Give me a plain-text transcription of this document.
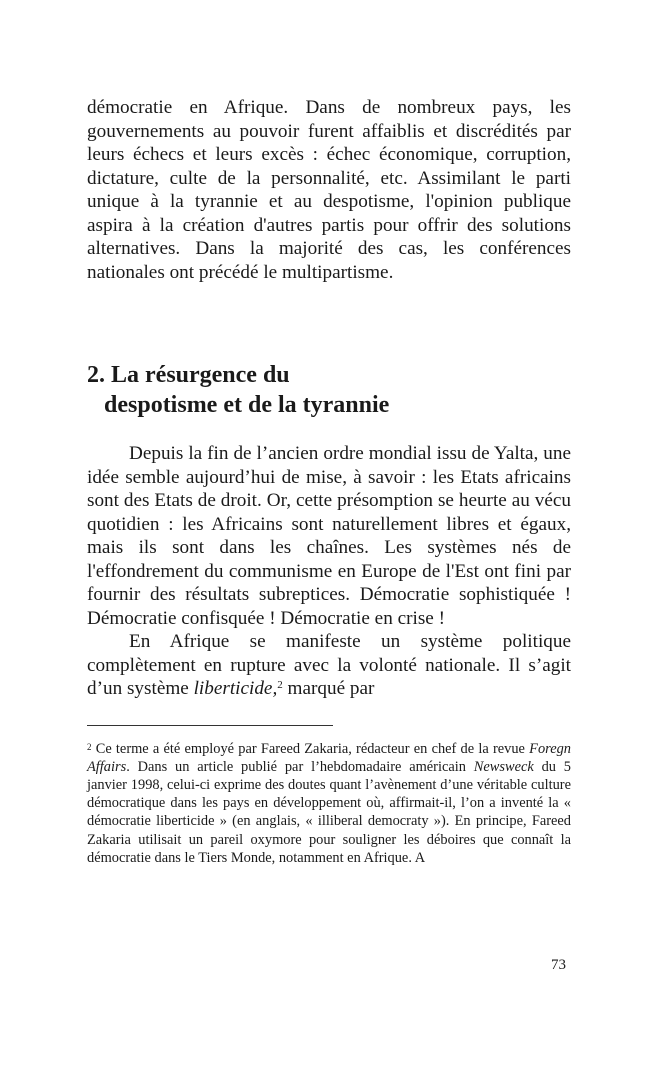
démocratie en Afrique. Dans de nombreux pays, les gouvernements au pouvoir furent affaiblis et discrédités par leurs échecs et leurs excès : échec économique, corruption, dictature, culte de la personnalité, etc. Assimilant le parti unique à la tyrannie et au despotisme, l'opinion publique aspira à la création d'autres partis pour offrir des solutions alternatives. Dans la majorité des cas, les conférences nationales ont précédé le multipartisme.

2. La résurgence du
despotisme et de la tyrannie

Depuis la fin de l’ancien ordre mondial issu de Yalta, une idée semble aujourd’hui de mise, à savoir : les Etats africains sont des Etats de droit. Or, cette présomption se heurte au vécu quotidien : les Africains sont naturellement libres et égaux, mais ils sont dans les chaînes. Les systèmes nés de l'effondrement du communisme en Europe de l'Est ont fini par fournir des résultats subreptices. Démocratie sophistiquée ! Démocratie confisquée ! Démocratie en crise !

En Afrique se manifeste un système politique complètement en rupture avec la volonté nationale. Il s’agit d’un système liberticide,$^2$ marqué par

$^2$ Ce terme a été employé par Fareed Zakaria, rédacteur en chef de la revue Foregn Affairs. Dans un article publié par l’hebdomadaire américain Newsweck du 5 janvier 1998, celui-ci exprime des doutes quant l’avènement d’une véritable culture démocratique dans les pays en développement où, affirmait-il, l’on a inventé la « démocratie liberticide » (en anglais, « illiberal democraty »). En principe, Fareed Zakaria utilisait un pareil oxymore pour souligner les déboires que connaît la démocratie dans le Tiers Monde, notamment en Afrique. A

73
